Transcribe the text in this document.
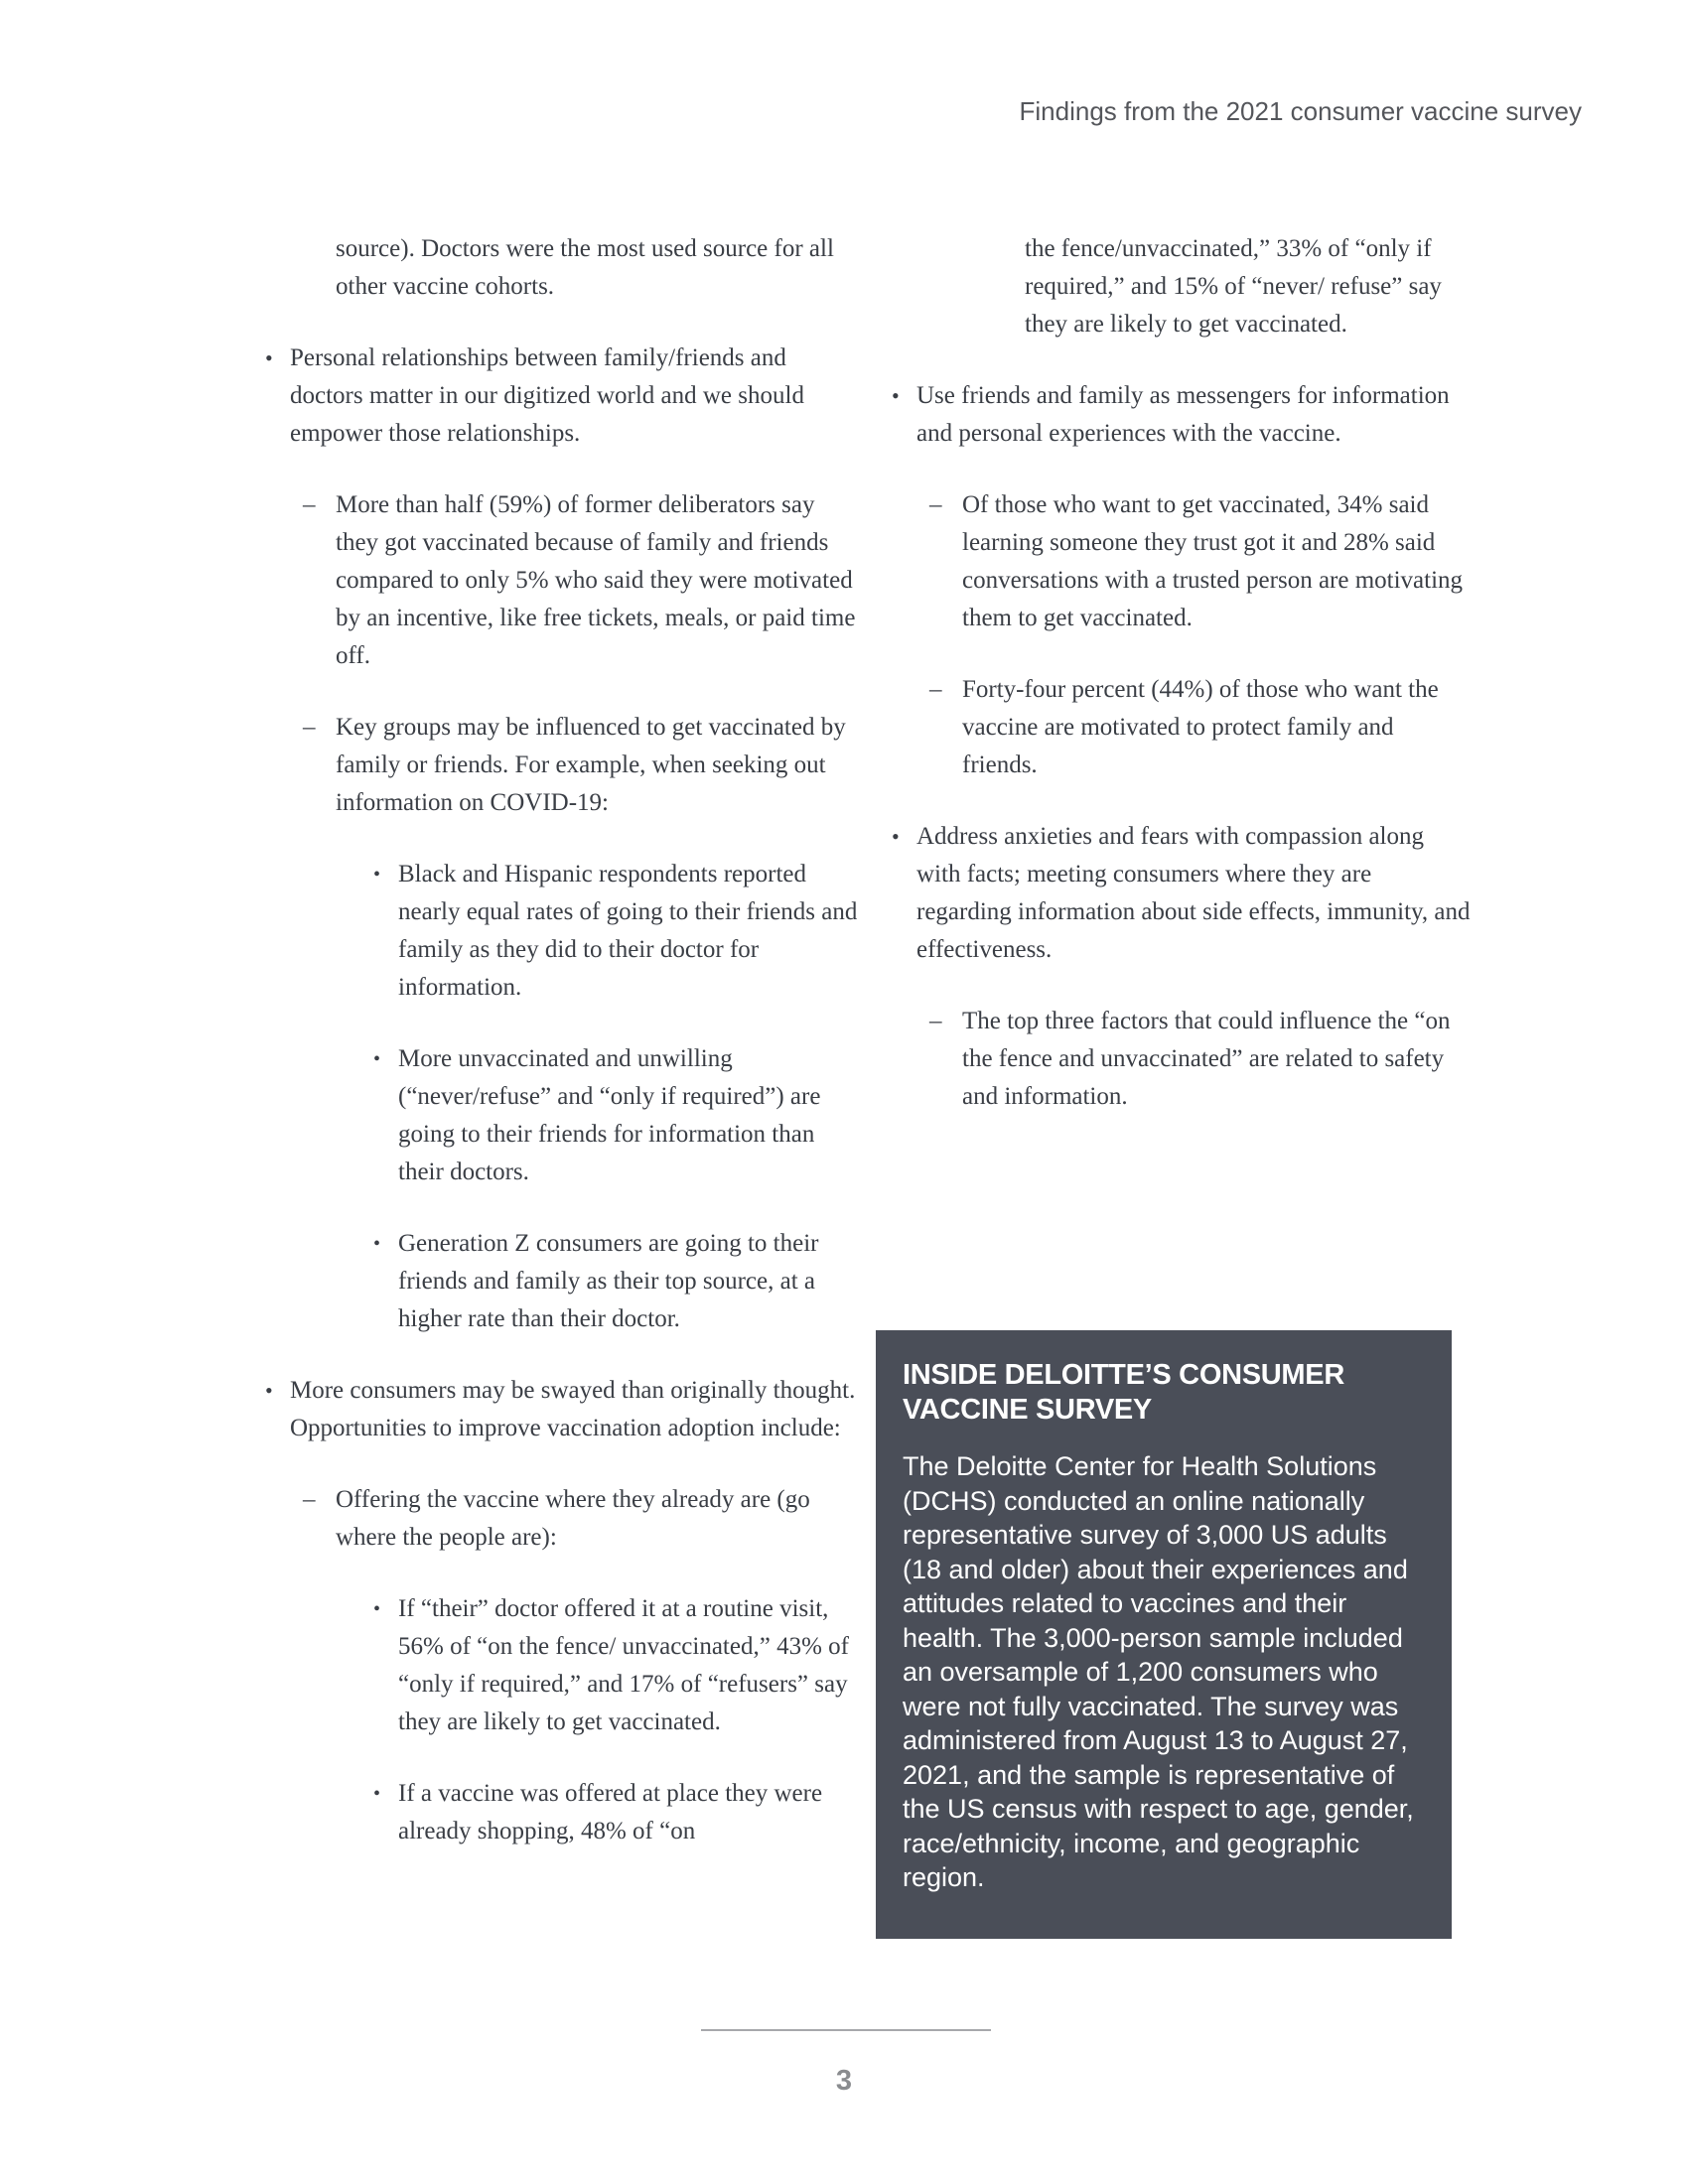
Findings from the 2021 consumer vaccine survey
source). Doctors were the most used source for all other vaccine cohorts.
• Personal relationships between family/friends and doctors matter in our digitized world and we should empower those relationships.
– More than half (59%) of former deliberators say they got vaccinated because of family and friends compared to only 5% who said they were motivated by an incentive, like free tickets, meals, or paid time off.
– Key groups may be influenced to get vaccinated by family or friends. For example, when seeking out information on COVID-19:
• Black and Hispanic respondents reported nearly equal rates of going to their friends and family as they did to their doctor for information.
• More unvaccinated and unwilling (“never/refuse” and “only if required”) are going to their friends for information than their doctors.
• Generation Z consumers are going to their friends and family as their top source, at a higher rate than their doctor.
• More consumers may be swayed than originally thought. Opportunities to improve vaccination adoption include:
– Offering the vaccine where they already are (go where the people are):
• If “their” doctor offered it at a routine visit, 56% of “on the fence/ unvaccinated,” 43% of “only if required,” and 17% of “refusers” say they are likely to get vaccinated.
• If a vaccine was offered at place they were already shopping, 48% of “on
the fence/unvaccinated,” 33% of “only if required,” and 15% of “never/ refuse” say they are likely to get vaccinated.
• Use friends and family as messengers for information and personal experiences with the vaccine.
– Of those who want to get vaccinated, 34% said learning someone they trust got it and 28% said conversations with a trusted person are motivating them to get vaccinated.
– Forty-four percent (44%) of those who want the vaccine are motivated to protect family and friends.
• Address anxieties and fears with compassion along with facts; meeting consumers where they are regarding information about side effects, immunity, and effectiveness.
– The top three factors that could influence the “on the fence and unvaccinated” are related to safety and information.
INSIDE DELOITTE’S CONSUMER VACCINE SURVEY
The Deloitte Center for Health Solutions (DCHS) conducted an online nationally representative survey of 3,000 US adults (18 and older) about their experiences and attitudes related to vaccines and their health. The 3,000-person sample included an oversample of 1,200 consumers who were not fully vaccinated. The survey was administered from August 13 to August 27, 2021, and the sample is representative of the US census with respect to age, gender, race/ethnicity, income, and geographic region.
3
